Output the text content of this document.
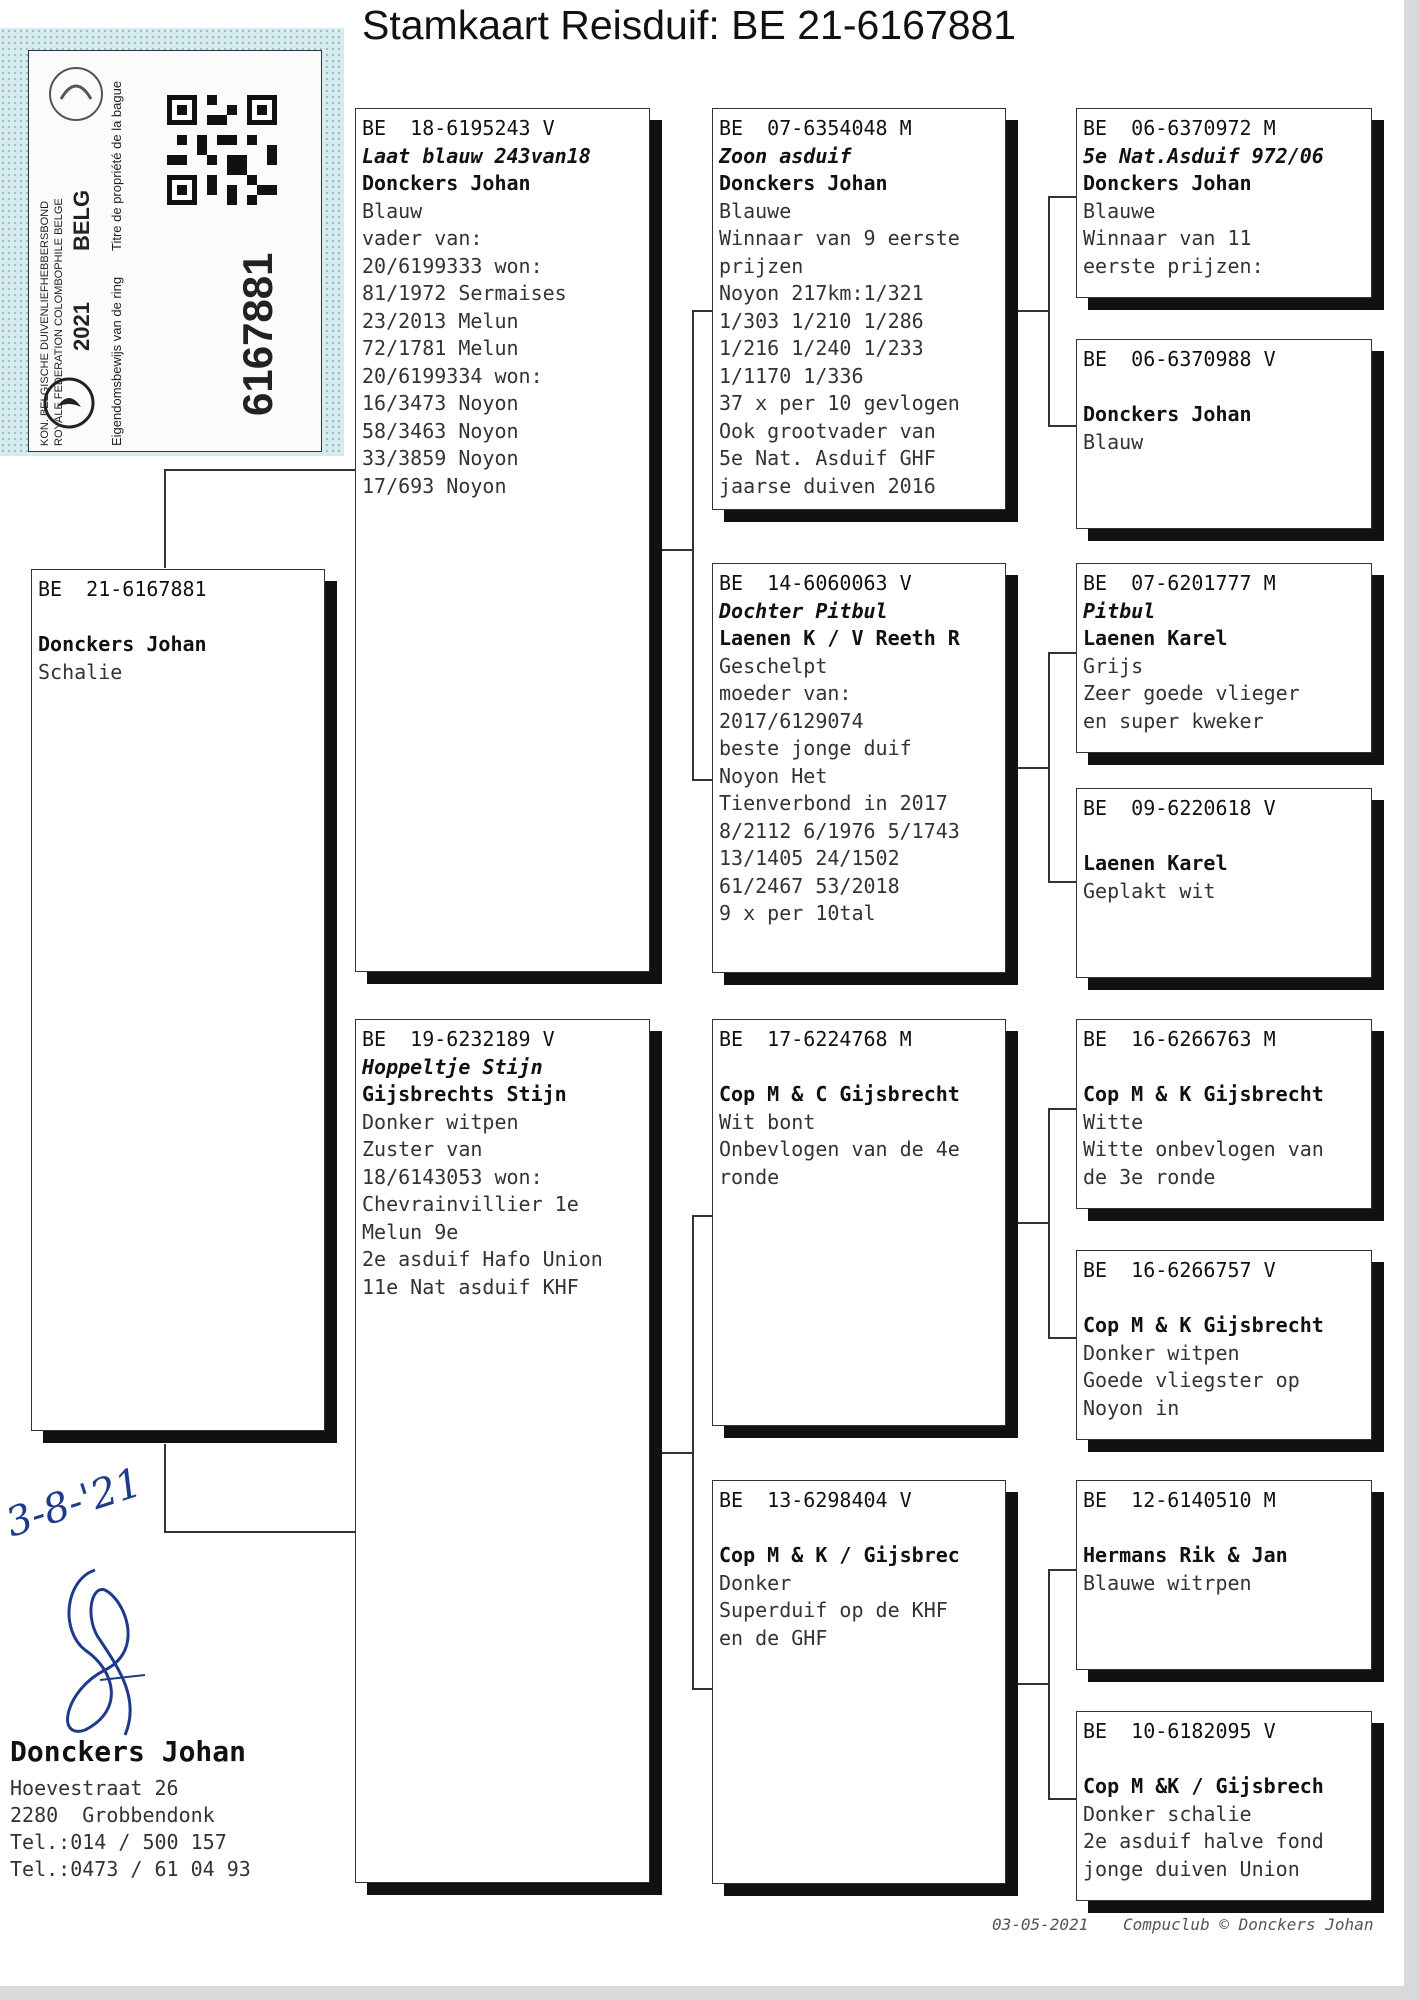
Stamkaart Reisduif: BE 21-6167881
KON. BELGISCHE DUIVENLIEFHEBBERSBOND ROYALE FEDERATION COLOMBOPHILE BELGE 2021
BELG
Eigendomsbewijs van de ring
Titre de propriété de la bague
6167881
BE  21-6167881
Donckers Johan
Schalie
BE  18-6195243 V
Laat blauw 243van18
Donckers Johan
Blauw
vader van:
20/6199333 won:
81/1972 Sermaises
23/2013 Melun
72/1781 Melun
20/6199334 won:
16/3473 Noyon
58/3463 Noyon
33/3859 Noyon
17/693 Noyon
BE  19-6232189 V
Hoppeltje Stijn
Gijsbrechts Stijn
Donker witpen
Zuster van
18/6143053 won:
Chevrainvillier 1e
Melun 9e
2e asduif Hafo Union
11e Nat asduif KHF
BE  07-6354048 M
Zoon asduif
Donckers Johan
Blauwe
Winnaar van 9 eerste
prijzen
Noyon 217km:1/321
1/303 1/210 1/286
1/216 1/240 1/233
1/1170 1/336
37 x per 10 gevlogen
Ook grootvader van
5e Nat. Asduif GHF
jaarse duiven 2016
BE  14-6060063 V
Dochter Pitbul
Laenen K / V Reeth R
Geschelpt
moeder van:
2017/6129074
beste jonge duif
Noyon Het
Tienverbond in 2017
8/2112 6/1976 5/1743
13/1405 24/1502
61/2467 53/2018
9 x per 10tal
BE  17-6224768 M
Cop M & C Gijsbrecht
Wit bont
Onbevlogen van de 4e
ronde
BE  13-6298404 V
Cop M & K / Gijsbrec
Donker
Superduif op de KHF
en de GHF
BE  06-6370972 M
5e Nat.Asduif 972/06
Donckers Johan
Blauwe
Winnaar van 11
eerste prijzen:
BE  06-6370988 V
Donckers Johan
Blauw
BE  07-6201777 M
Pitbul
Laenen Karel
Grijs
Zeer goede vlieger
en super kweker
BE  09-6220618 V
Laenen Karel
Geplakt wit
BE  16-6266763 M
Cop M & K Gijsbrecht
Witte
Witte onbevlogen van
de 3e ronde
BE  16-6266757 V
Cop M & K Gijsbrecht
Donker witpen
Goede vliegster op
Noyon in
BE  12-6140510 M
Hermans Rik & Jan
Blauwe witrpen
BE  10-6182095 V
Cop M &K / Gijsbrech
Donker schalie
2e asduif halve fond
jonge duiven Union
3-8-'21
Donckers Johan
Hoevestraat 26
2280  Grobbendonk
Tel.:014 / 500 157
Tel.:0473 / 61 04 93
03-05-2021 Compuclub © Donckers Johan
